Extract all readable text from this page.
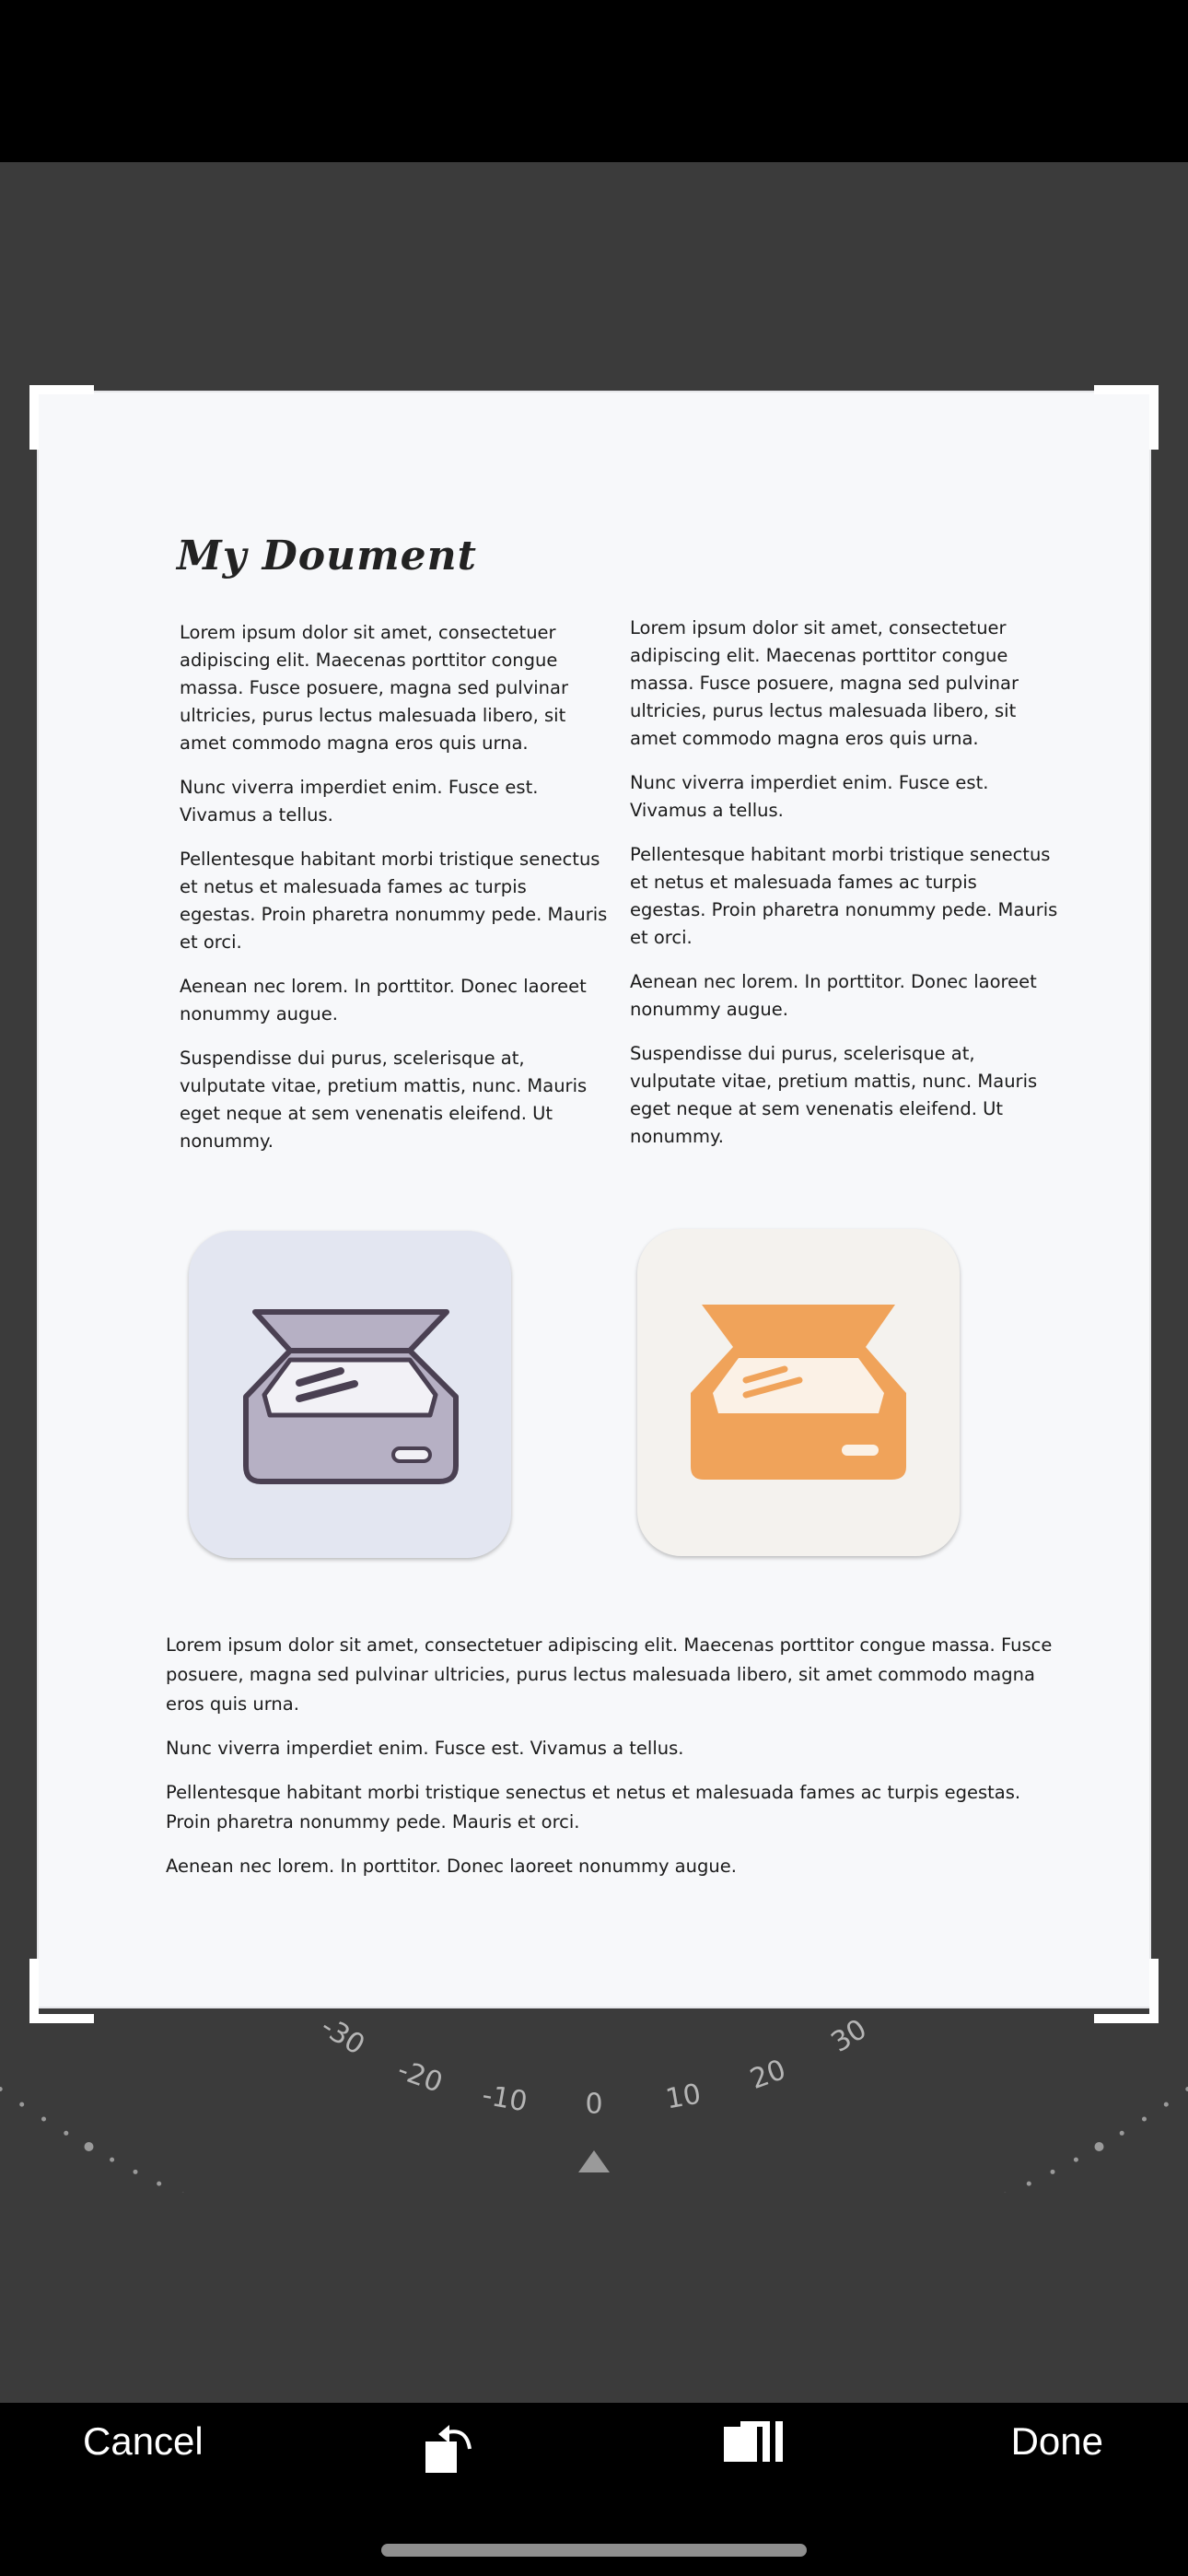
My Doument

Lorem ipsum dolor sit amet, consectetuer adipiscing elit. Maecenas porttitor congue massa. Fusce posuere, magna sed pulvinar ultricies, purus lectus malesuada libero, sit amet commodo magna eros quis urna.

Nunc viverra imperdiet enim. Fusce est. Vivamus a tellus.

Pellentesque habitant morbi tristique senectus et netus et malesuada fames ac turpis egestas. Proin pharetra nonummy pede. Mauris et orci.

Aenean nec lorem. In porttitor. Donec laoreet nonummy augue.

Suspendisse dui purus, scelerisque at, vulputate vitae, pretium mattis, nunc. Mauris eget neque at sem venenatis eleifend. Ut nonummy.

Lorem ipsum dolor sit amet, consectetuer adipiscing elit. Maecenas porttitor congue massa. Fusce posuere, magna sed pulvinar ultricies, purus lectus malesuada libero, sit amet commodo magna eros quis urna.

Nunc viverra imperdiet enim. Fusce est. Vivamus a tellus.

Pellentesque habitant morbi tristique senectus et netus et malesuada fames ac turpis egestas. Proin pharetra nonummy pede. Mauris et orci.

Aenean nec lorem. In porttitor. Donec laoreet nonummy augue.

Suspendisse dui purus, scelerisque at, vulputate vitae, pretium mattis, nunc. Mauris eget neque at sem venenatis eleifend. Ut nonummy.

Lorem ipsum dolor sit amet, consectetuer adipiscing elit. Maecenas porttitor congue massa. Fusce posuere, magna sed pulvinar ultricies, purus lectus malesuada libero, sit amet commodo magna eros quis urna.

Nunc viverra imperdiet enim. Fusce est. Vivamus a tellus.

Pellentesque habitant morbi tristique senectus et netus et malesuada fames ac turpis egestas. Proin pharetra nonummy pede. Mauris et orci.

Aenean nec lorem. In porttitor. Donec laoreet nonummy augue.

-30
-20 -10 0 10
20
30
Cancel	Done
